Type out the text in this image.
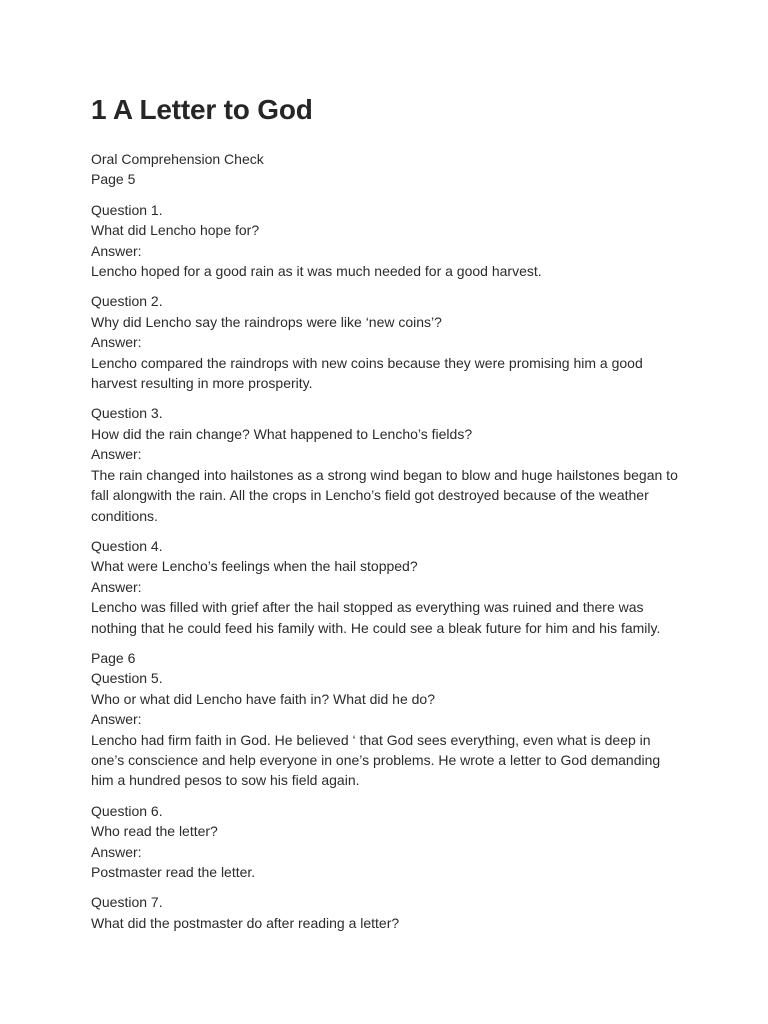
1 A Letter to God

Oral Comprehension Check

Page 5

Question 1.

What did Lencho hope for?

Answer:

Lencho hoped for a good rain as it was much needed for a good harvest.

Question 2.

Why did Lencho say the raindrops were like ‘new coins’?

Answer:

Lencho compared the raindrops with new coins because they were promising him a good harvest resulting in more prosperity.

Question 3.

How did the rain change? What happened to Lencho’s fields?

Answer:

The rain changed into hailstones as a strong wind began to blow and huge hailstones began to fall alongwith the rain. All the crops in Lencho’s field got destroyed because of the weather conditions.

Question 4.

What were Lencho’s feelings when the hail stopped?

Answer:

Lencho was filled with grief after the hail stopped as everything was ruined and there was nothing that he could feed his family with. He could see a bleak future for him and his family.

Page 6

Question 5.

Who or what did Lencho have faith in? What did he do?

Answer:

Lencho had firm faith in God. He believed ‘ that God sees everything, even what is deep in one’s conscience and help everyone in one’s problems. He wrote a letter to God demanding him a hundred pesos to sow his field again.

Question 6.

Who read the letter?

Answer:

Postmaster read the letter.

Question 7.

What did the postmaster do after reading a letter?
